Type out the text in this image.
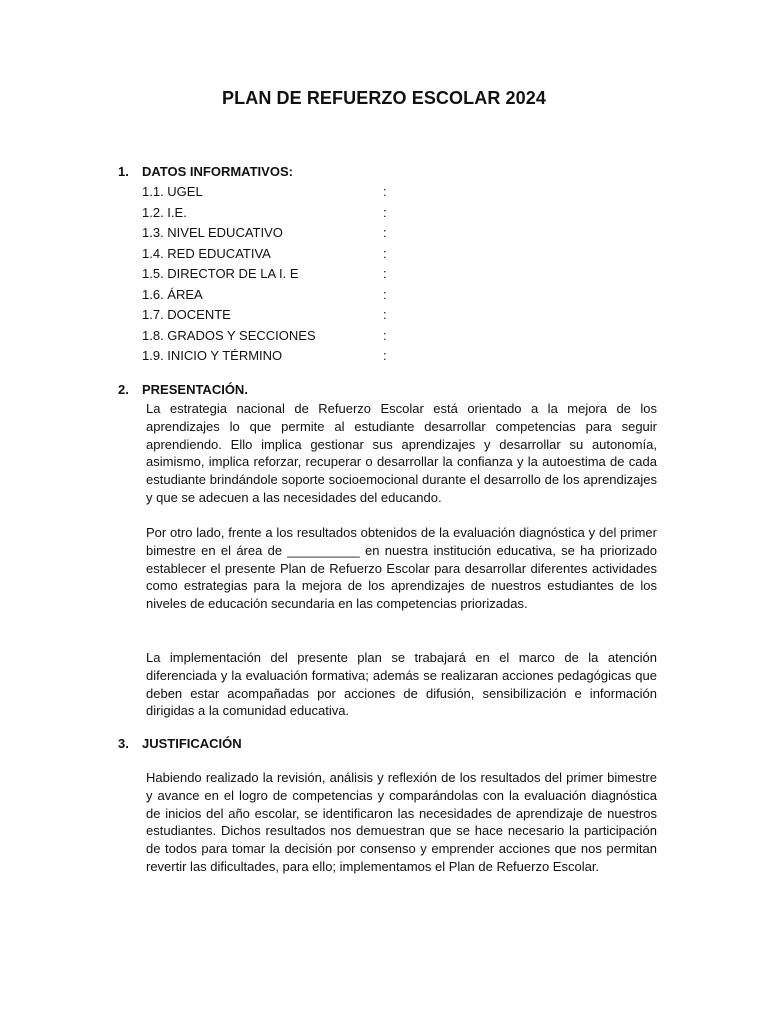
PLAN DE REFUERZO ESCOLAR 2024
1. DATOS INFORMATIVOS:
1.1. UGEL	:
1.2. I.E.	:
1.3. NIVEL EDUCATIVO	:
1.4. RED EDUCATIVA	:
1.5. DIRECTOR DE LA I. E	:
1.6. ÁREA	:
1.7. DOCENTE	:
1.8. GRADOS Y SECCIONES	:
1.9. INICIO Y TÉRMINO	:
2. PRESENTACIÓN.

La estrategia nacional de Refuerzo Escolar está orientado a la mejora de los aprendizajes lo que permite al estudiante desarrollar competencias para seguir aprendiendo. Ello implica gestionar sus aprendizajes y desarrollar su autonomía, asimismo, implica reforzar, recuperar o desarrollar la confianza y la autoestima de cada estudiante brindándole soporte socioemocional durante el desarrollo de los aprendizajes y que se adecuen a las necesidades del educando.

Por otro lado, frente a los resultados obtenidos de la evaluación diagnóstica y del primer bimestre en el área de __________ en nuestra institución educativa, se ha priorizado establecer el presente Plan de Refuerzo Escolar para desarrollar diferentes actividades como estrategias para la mejora de los aprendizajes de nuestros estudiantes de los niveles de educación secundaria en las competencias priorizadas.

La implementación del presente plan se trabajará en el marco de la atención diferenciada y la evaluación formativa; además se realizaran acciones pedagógicas que deben estar acompañadas por acciones de difusión, sensibilización e información dirigidas a la comunidad educativa.

3. JUSTIFICACIÓN

Habiendo realizado la revisión, análisis y reflexión de los resultados del primer bimestre y avance en el logro de competencias y comparándolas con la evaluación diagnóstica de inicios del año escolar, se identificaron las necesidades de aprendizaje de nuestros estudiantes. Dichos resultados nos demuestran que se hace necesario la participación de todos para tomar la decisión por consenso y emprender acciones que nos permitan revertir las dificultades, para ello; implementamos el Plan de Refuerzo Escolar.
